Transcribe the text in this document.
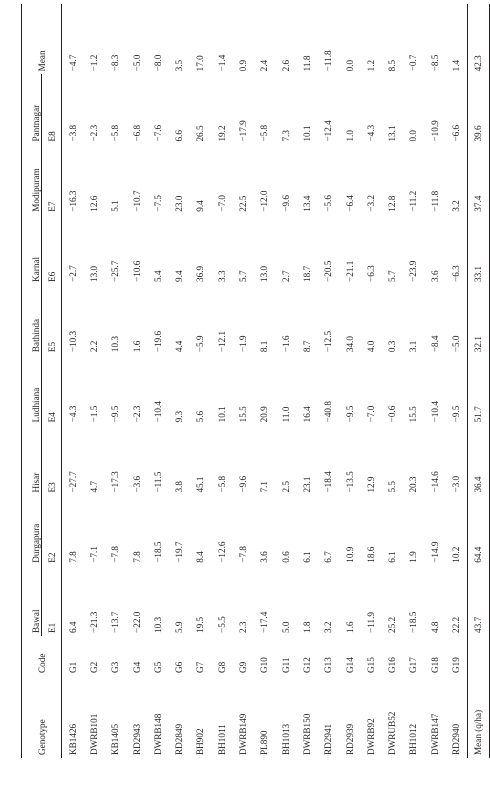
Genotype	Code	Bawal	Durgapura	Hisar	Ludhiana	Bathinda	Karnal	Modipuram	Pantnagar	Mean
		E1	E2	E3	E4	E5	E6	E7	E8	
KB1426	G1	6.4	7.8	−27.7	−4.3	−10.3	−2.7	−16.3	−3.8	−4.7
DWRB101	G2	−21.3	−7.1	4.7	−1.5	2.2	13.0	12.6	−2.3	−1.2
KB1405	G3	−13.7	−7.8	−17.3	−9.5	10.3	−25.7	5.1	−5.8	−8.3
RD2943	G4	−22.0	7.8	−3.6	−2.3	1.6	−10.6	−10.7	−6.8	−5.0
DWRB148	G5	10.3	−18.5	−11.5	−10.4	−19.6	5.4	−7.5	−7.6	−8.0
RD2849	G6	5.9	−19.7	3.8	9.3	4.4	9.4	23.0	6.6	3.5
BH902	G7	19.5	8.4	45.1	5.6	−5.9	36.9	9.4	26.5	17.0
BH1011	G8	−5.5	−12.6	−5.8	10.1	−12.1	3.3	−7.0	19.2	−1.4
DWRB149	G9	2.3	−7.8	−9.6	15.5	−1.9	5.7	22.5	−17.9	0.9
PL890	G10	−17.4	3.6	7.1	20.9	8.1	13.0	−12.0	−5.8	2.4
BH1013	G11	5.0	0.6	2.5	11.0	−1.6	2.7	−9.6	7.3	2.6
DWRB150	G12	1.8	6.1	23.1	16.4	8.7	18.7	13.4	10.1	11.8
RD2941	G13	3.2	6.7	−18.4	−40.8	−12.5	−20.5	−5.6	−12.4	−11.8
RD2939	G14	1.6	10.9	−13.5	−9.5	34.0	−21.1	−6.4	1.0	0.0
DWRB92	G15	−11.9	18.6	12.9	−7.0	4.0	−6.3	−3.2	−4.3	1.2
DWRUB52	G16	25.2	6.1	5.5	−0.6	0.3	5.7	12.8	13.1	8.5
BH1012	G17	−18.5	1.9	20.3	15.5	3.1	−23.9	−11.2	0.0	−0.7
DWRB147	G18	4.8	−14.9	−14.6	−10.4	−8.4	3.6	−11.8	−10.9	−8.5
RD2940	G19	22.2	10.2	−3.0	−9.5	−5.0	−6.3	3.2	−6.6	1.4
Mean (q/ha)		43.7	64.4	36.4	51.7	32.1	33.1	37.4	39.6	42.3
